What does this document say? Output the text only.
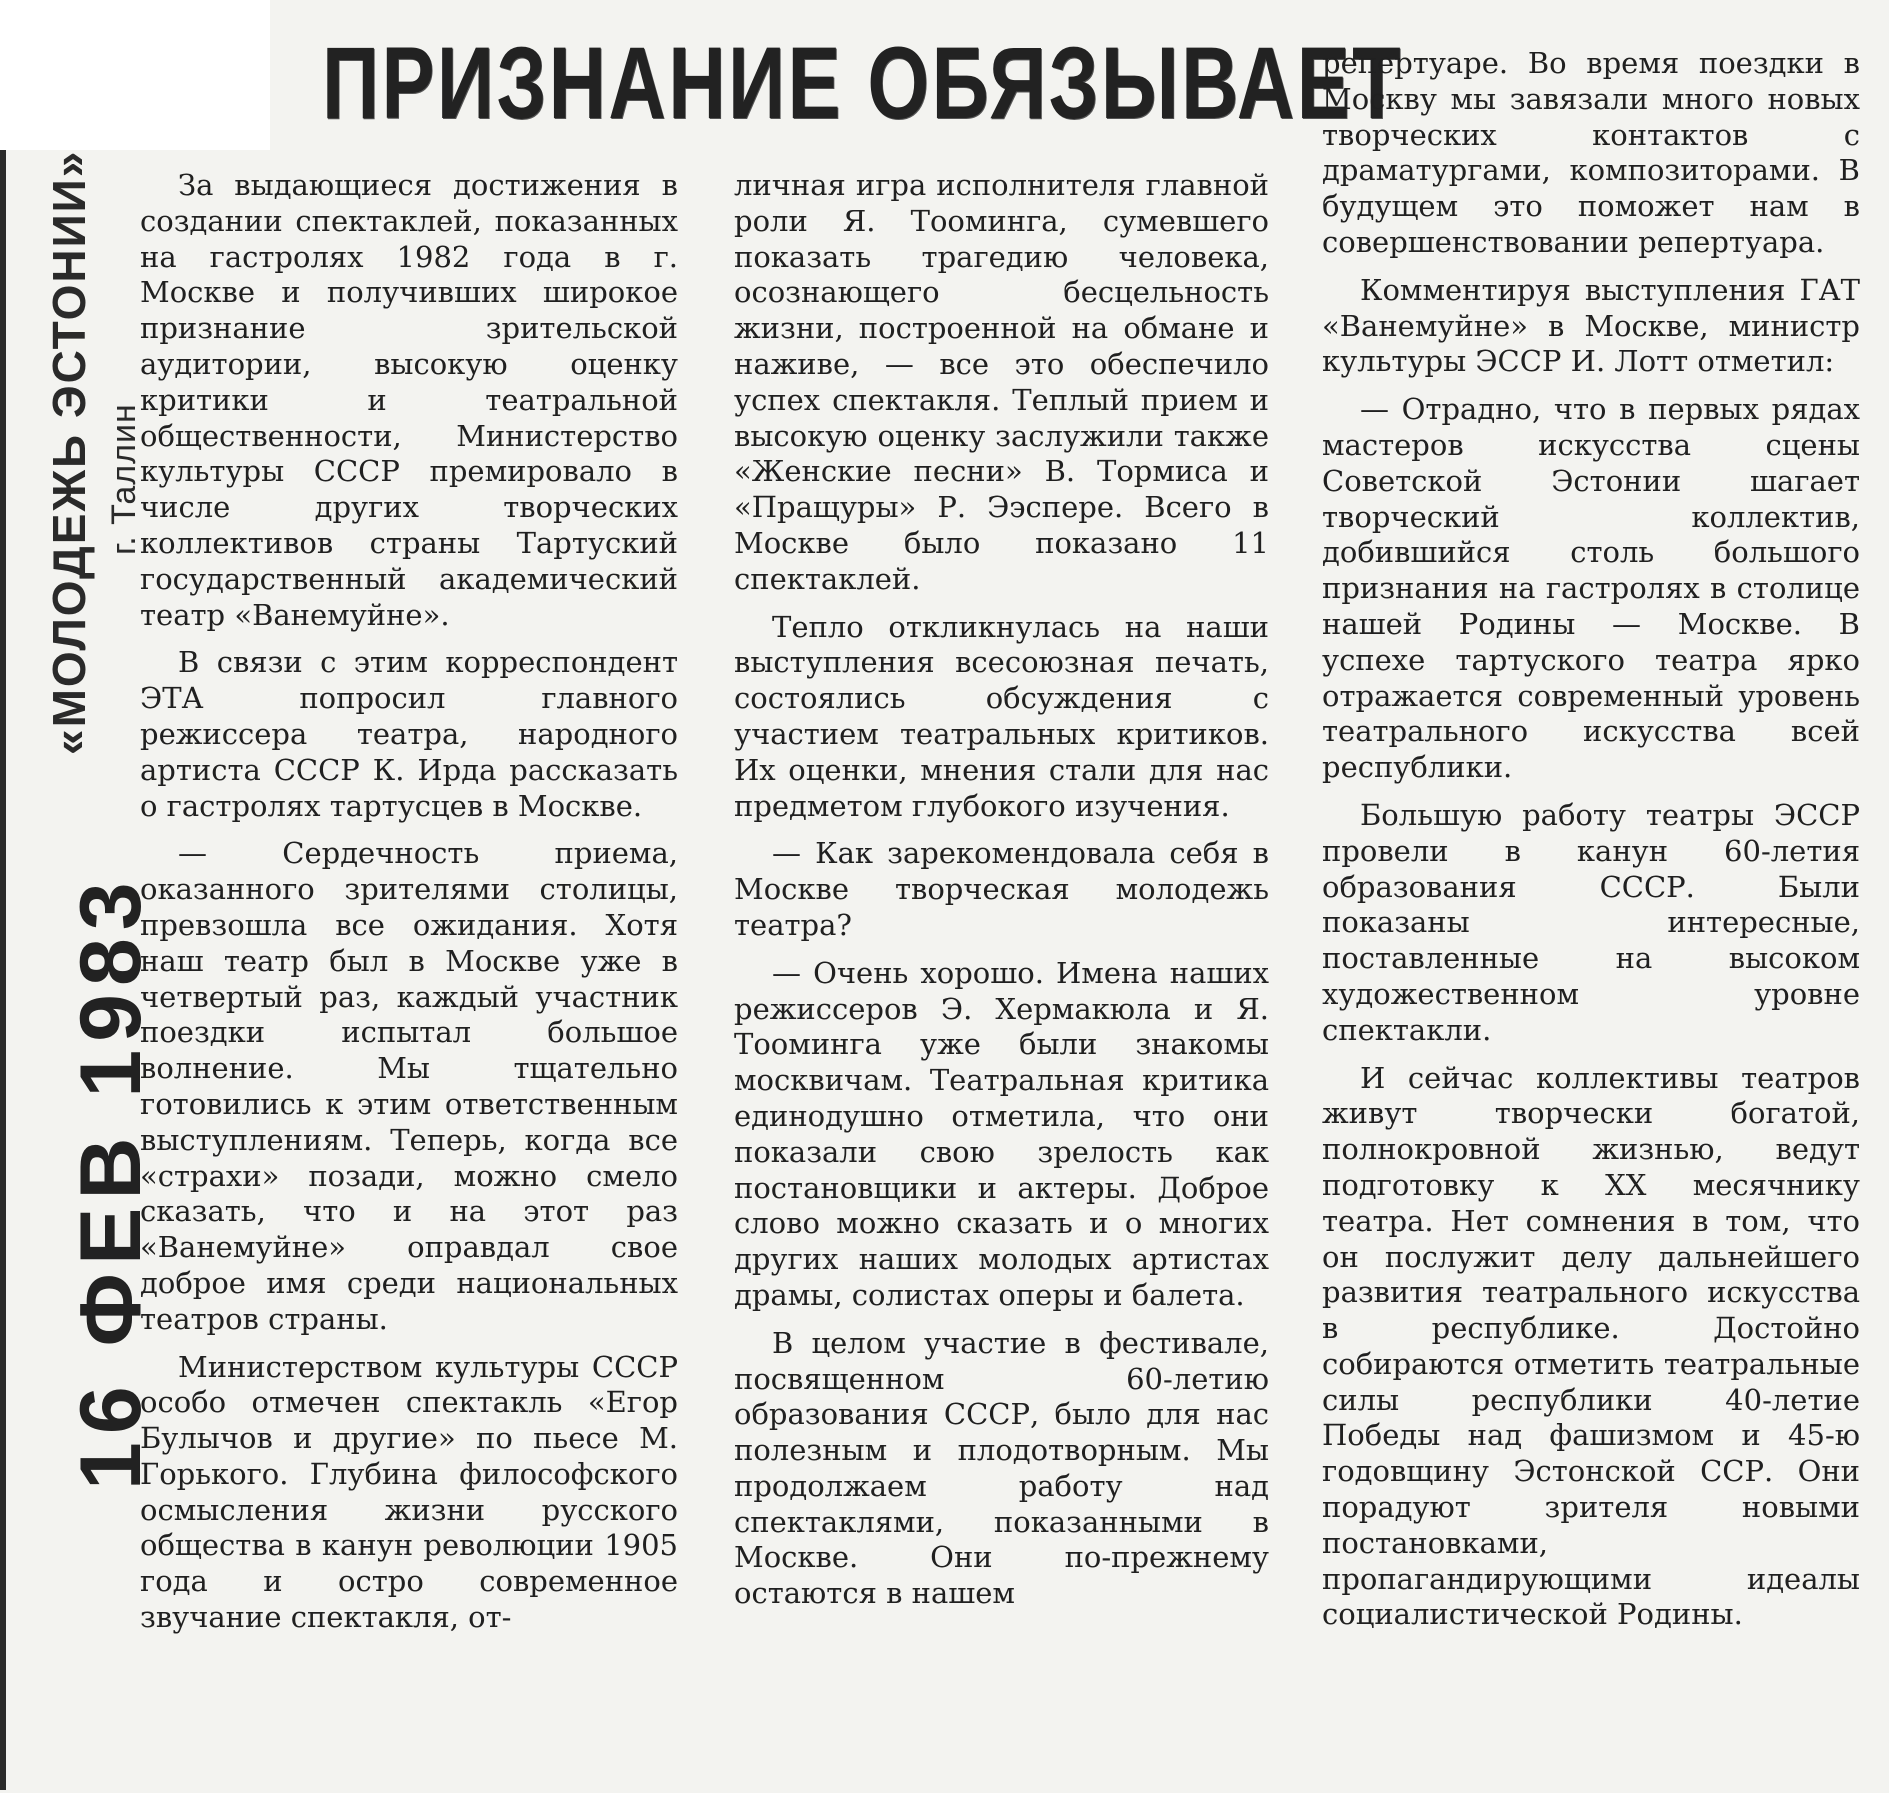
ПРИЗНАНИЕ ОБЯЗЫВАЕТ
«МОЛОДЕЖЬ ЭСТОНИИ» г. Таллин
16 ФЕВ 1983

За выдающиеся достижения в создании спектаклей, показанных на гастролях 1982 года в г. Москве и получивших широкое признание зрительской аудитории, высокую оценку критики и театральной общественности, Министерство культуры СССР премировало в числе других творческих коллективов страны Тартуский государственный академический театр «Ванемуйне».

В связи с этим корреспондент ЭТА попросил главного режиссера театра, народного артиста СССР К. Ирда рассказать о гастролях тартусцев в Москве.

— Сердечность приема, оказанного зрителями столицы, превзошла все ожидания. Хотя наш театр был в Москве уже в четвертый раз, каждый участник поездки испытал большое волнение. Мы тщательно готовились к этим ответственным выступлениям. Теперь, когда все «страхи» позади, можно смело сказать, что и на этот раз «Ванемуйне» оправдал свое доброе имя среди национальных театров страны.

Министерством культуры СССР особо отмечен спектакль «Егор Булычов и другие» по пьесе М. Горького. Глубина философского осмысления жизни русского общества в канун революции 1905 года и остро современное звучание спектакля, от-

личная игра исполнителя главной роли Я. Тооминга, сумевшего показать трагедию человека, осознающего бесцельность жизни, построенной на обмане и наживе, — все это обеспечило успех спектакля. Теплый прием и высокую оценку заслужили также «Женские песни» В. Тормиса и «Пращуры» Р. Ээспере. Всего в Москве было показано 11 спектаклей.

Тепло откликнулась на наши выступления всесоюзная печать, состоялись обсуждения с участием театральных критиков. Их оценки, мнения стали для нас предметом глубокого изучения.

— Как зарекомендовала себя в Москве творческая молодежь театра?

— Очень хорошо. Имена наших режиссеров Э. Хермакюла и Я. Тооминга уже были знакомы москвичам. Театральная критика единодушно отметила, что они показали свою зрелость как постановщики и актеры. Доброе слово можно сказать и о многих других наших молодых артистах драмы, солистах оперы и балета.

В целом участие в фестивале, посвященном 60-летию образования СССР, было для нас полезным и плодотворным. Мы продолжаем работу над спектаклями, показанными в Москве. Они по-прежнему остаются в нашем

репертуаре. Во время поездки в Москву мы завязали много новых творческих контактов с драматургами, композиторами. В будущем это поможет нам в совершенствовании репертуара.

Комментируя выступления ГАТ «Ванемуйне» в Москве, министр культуры ЭССР И. Лотт отметил:

— Отрадно, что в первых рядах мастеров искусства сцены Советской Эстонии шагает творческий коллектив, добившийся столь большого признания на гастролях в столице нашей Родины — Москве. В успехе тартуского театра ярко отражается современный уровень театрального искусства всей республики.

Большую работу театры ЭССР провели в канун 60-летия образования СССР. Были показаны интересные, поставленные на высоком художественном уровне спектакли.

И сейчас коллективы театров живут творчески богатой, полнокровной жизнью, ведут подготовку к XX месячнику театра. Нет сомнения в том, что он послужит делу дальнейшего развития театрального искусства в республике. Достойно собираются отметить театральные силы республики 40-летие Победы над фашизмом и 45-ю годовщину Эстонской ССР. Они порадуют зрителя новыми постановками, пропагандирующими идеалы социалистической Родины.
